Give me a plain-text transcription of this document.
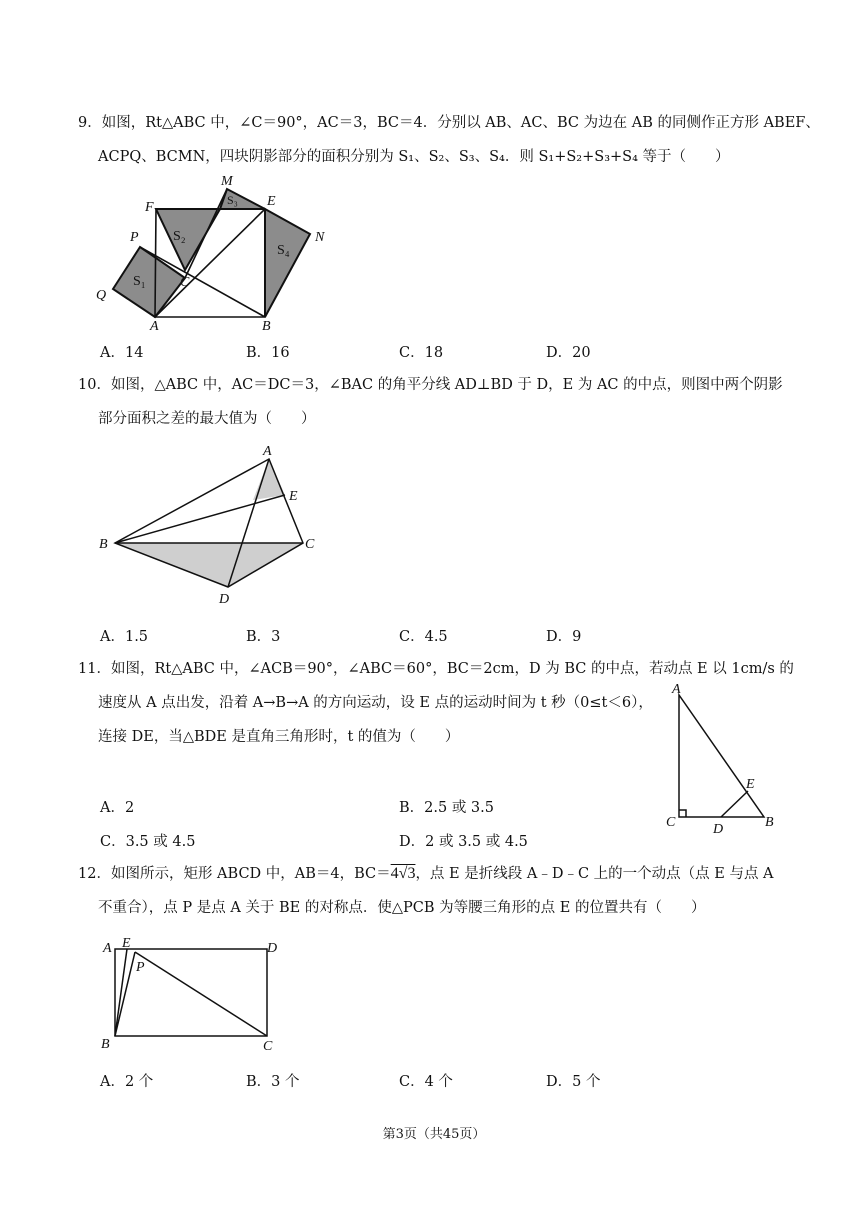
9．如图，Rt△ABC 中，∠C＝90°，AC＝3，BC＝4．分别以 AB、AC、BC 为边在 AB 的同侧作正方形 ABEF、
ACPQ、BCMN，四块阴影部分的面积分别为 S₁、S₂、S₃、S₄．则 S₁+S₂+S₃+S₄ 等于（　　）
M
E
F
N
P
Q
C
A	B
S₁
S₂
S₃
S₄
A．14	B．16	C．18	D．20
10．如图，△ABC 中，AC＝DC＝3，∠BAC 的角平分线 AD⊥BD 于 D，E 为 AC 的中点，则图中两个阴影
部分面积之差的最大值为（　　）
A
E
B	C
D
A．1.5	B．3	C．4.5	D．9
11．如图，Rt△ABC 中，∠ACB＝90°，∠ABC＝60°，BC＝2cm，D 为 BC 的中点，若动点 E 以 1cm/s 的
速度从 A 点出发，沿着 A→B→A 的方向运动，设 E 点的运动时间为 t 秒（0≤t＜6），
连接 DE，当△BDE 是直角三角形时，t 的值为（　　）
A
E
C	D	B
A．2	B．2.5 或 3.5
C．3.5 或 4.5	D．2 或 3.5 或 4.5
12．如图所示，矩形 ABCD 中，AB＝4，BC＝4√3，点 E 是折线段 A﹣D﹣C 上的一个动点（点 E 与点 A
不重合），点 P 是点 A 关于 BE 的对称点．使△PCB 为等腰三角形的点 E 的位置共有（　　）
A E	D
P
B	C
A．2 个	B．3 个	C．4 个	D．5 个
第3页（共45页）
